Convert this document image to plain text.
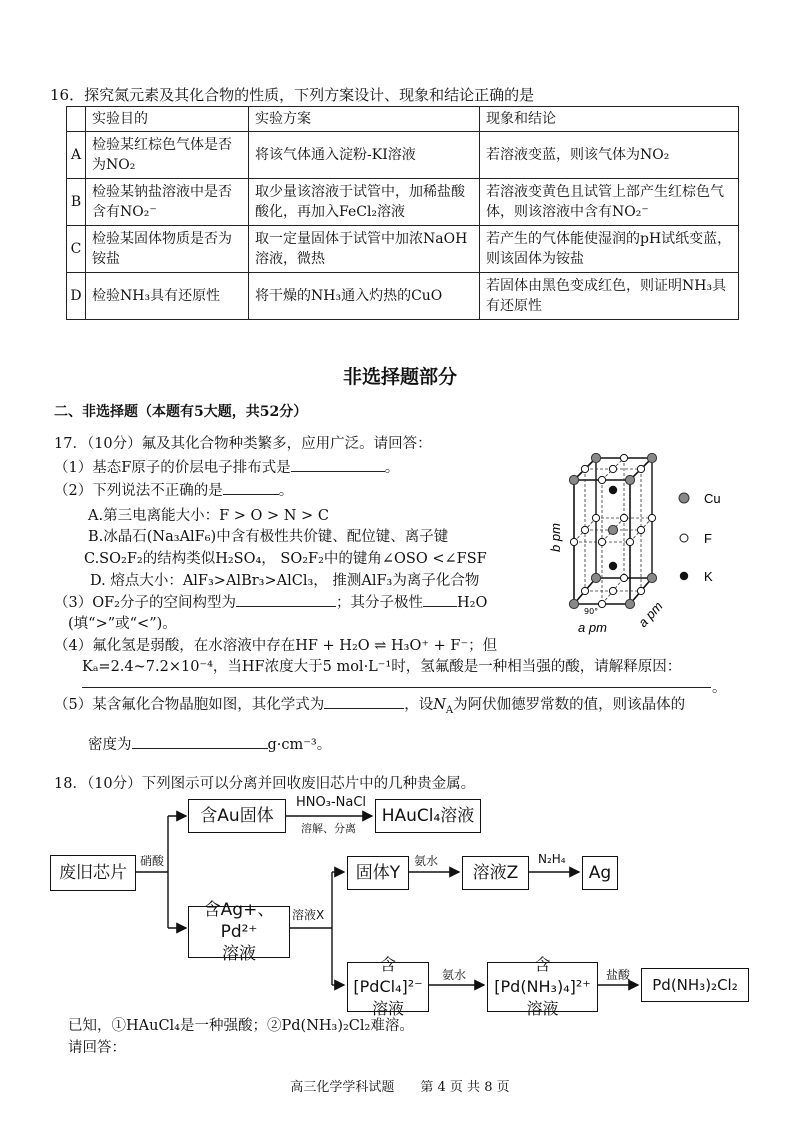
16．探究氮元素及其化合物的性质，下列方案设计、现象和结论正确的是
	实验目的	实验方案	现象和结论
A	检验某红棕色气体是否为NO₂	将该气体通入淀粉-KI溶液	若溶液变蓝，则该气体为NO₂
B	检验某钠盐溶液中是否含有NO₂⁻	取少量该溶液于试管中，加稀盐酸酸化，再加入FeCl₂溶液	若溶液变黄色且试管上部产生红棕色气体，则该溶液中含有NO₂⁻
C	检验某固体物质是否为铵盐	取一定量固体于试管中加浓NaOH溶液，微热	若产生的气体能使湿润的pH试纸变蓝，则该固体为铵盐
D	检验NH₃具有还原性	将干燥的NH₃通入灼热的CuO	若固体由黑色变成红色，则证明NH₃具有还原性
非选择题部分
二、非选择题（本题有5大题，共52分）
17．（10分）氟及其化合物种类繁多，应用广泛。请回答：
（1）基态F原子的价层电子排布式是	。
（2）下列说法不正确的是	。
A.第三电离能大小：F > O > N > C
B.冰晶石(Na₃AlF₆)中含有极性共价键、配位键、离子键
C.SO₂F₂的结构类似H₂SO₄， SO₂F₂中的键角∠OSO <∠FSF
D. 熔点大小：AlF₃>AlBr₃>AlCl₃， 推测AlF₃为离子化合物
（3）OF₂分子的空间构型为	；其分子极性 H₂O
(填“>”或“<”)。
（4）氟化氢是弱酸，在水溶液中存在HF + H₂O ⇌ H₃O⁺ + F⁻；但
Kₐ=2.4~7.2×10⁻⁴，当HF浓度大于5 mol·L⁻¹时，氢氟酸是一种相当强的酸，请解释原因：
。
（5）某含氟化合物晶胞如图，其化学式为	，设$N_A$为阿伏伽德罗常数的值，则该晶体的
密度为	g·cm⁻³。
b pm
a pm a pm
90°
Cu
F
K
18．（10分）下列图示可以分离并回收废旧芯片中的几种贵金属。
废旧芯片
含Au固体	HAuCl₄溶液
含Ag+、Pd²⁺
溶液
固体Y	溶液Z	Ag
含[PdCl₄]²⁻
溶液
含[Pd(NH₃)₄]²⁺
溶液
Pd(NH₃)₂Cl₂
硝酸
HNO₃-NaCl
溶解、分离
氨水	N₂H₄
溶液X
氨水	盐酸
已知，①HAuCl₄是一种强酸；②Pd(NH₃)₂Cl₂难溶。
请回答：
高三化学学科试题　　第 4 页 共 8 页
